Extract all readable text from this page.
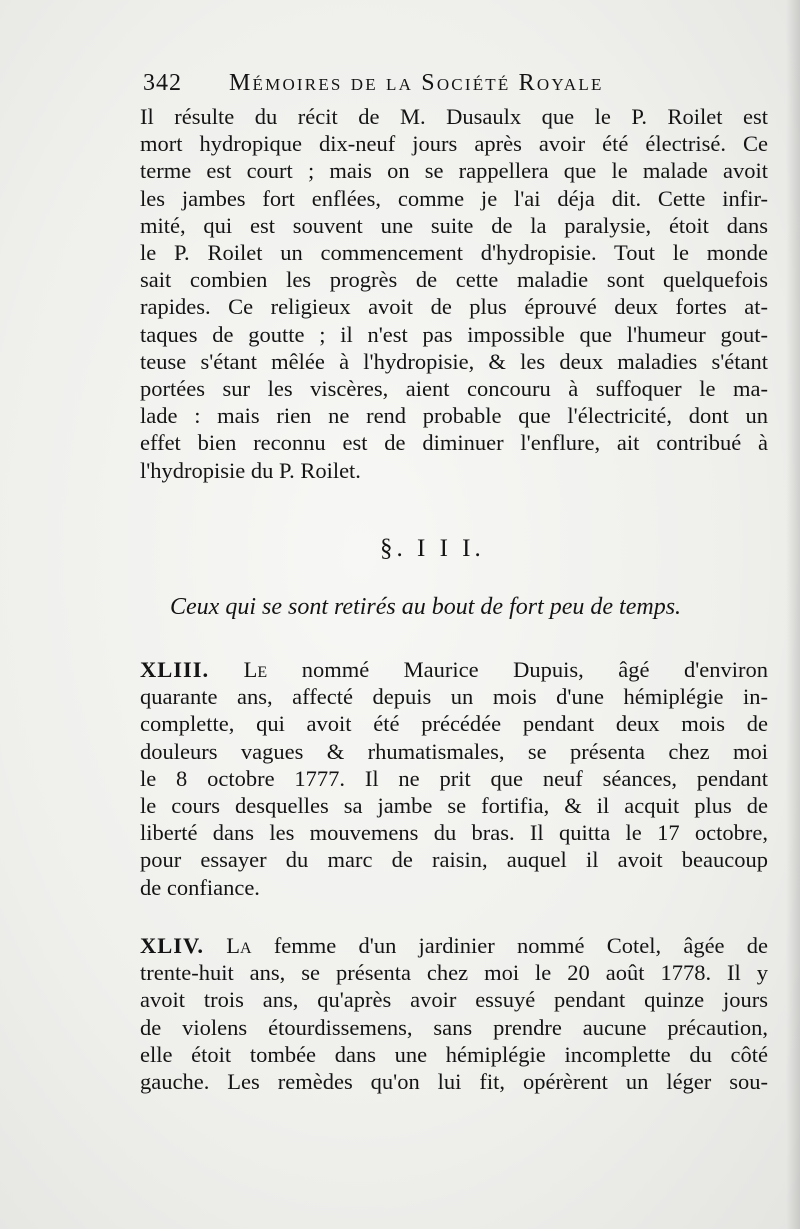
342 Mémoires de la Société Royale
Il résulte du récit de M. Dusaulx que le P. Roilet est
mort hydropique dix-neuf jours après avoir été électrisé. Ce
terme est court ; mais on se rappellera que le malade avoit
les jambes fort enflées, comme je l'ai déja dit. Cette infir-
mité, qui est souvent une suite de la paralysie, étoit dans
le P. Roilet un commencement d'hydropisie. Tout le monde
sait combien les progrès de cette maladie sont quelquefois
rapides. Ce religieux avoit de plus éprouvé deux fortes at-
taques de goutte ; il n'est pas impossible que l'humeur gout-
teuse s'étant mêlée à l'hydropisie, & les deux maladies s'étant
portées sur les viscères, aient concouru à suffoquer le ma-
lade : mais rien ne rend probable que l'électricité, dont un
effet bien reconnu est de diminuer l'enflure, ait contribué à
l'hydropisie du P. Roilet.
§. I I I.
Ceux qui se sont retirés au bout de fort peu de temps.
XLIII. Le nommé Maurice Dupuis, âgé d'environ
quarante ans, affecté depuis un mois d'une hémiplégie in-
complette, qui avoit été précédée pendant deux mois de
douleurs vagues & rhumatismales, se présenta chez moi
le 8 octobre 1777. Il ne prit que neuf séances, pendant
le cours desquelles sa jambe se fortifia, & il acquit plus de
liberté dans les mouvemens du bras. Il quitta le 17 octobre,
pour essayer du marc de raisin, auquel il avoit beaucoup
de confiance.
XLIV. La femme d'un jardinier nommé Cotel, âgée de
trente-huit ans, se présenta chez moi le 20 août 1778. Il y
avoit trois ans, qu'après avoir essuyé pendant quinze jours
de violens étourdissemens, sans prendre aucune précaution,
elle étoit tombée dans une hémiplégie incomplette du côté
gauche. Les remèdes qu'on lui fit, opérèrent un léger sou-
